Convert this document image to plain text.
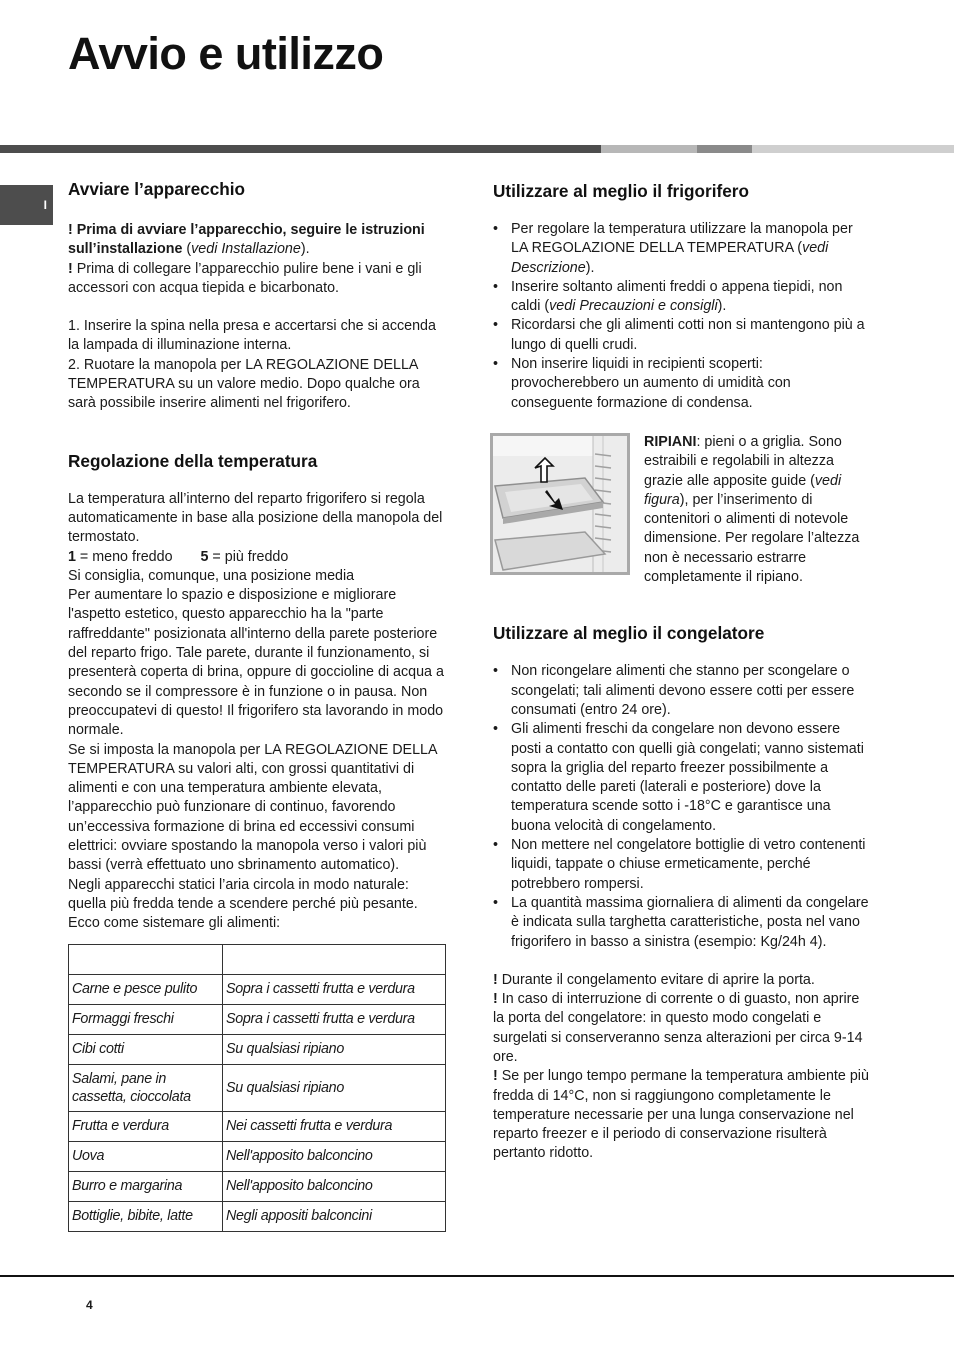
Avvio e utilizzo
I
Avviare l’apparecchio

! Prima di avviare l’apparecchio, seguire le istruzioni sull’installazione (vedi Installazione).

! Prima di collegare l’apparecchio pulire bene i vani e gli accessori con acqua tiepida e bicarbonato.

1. Inserire la spina nella presa e accertarsi che si accenda la lampada di illuminazione interna.

2. Ruotare la manopola per LA REGOLAZIONE DELLA TEMPERATURA su un valore medio. Dopo qualche ora sarà possibile inserire alimenti nel frigorifero.

Regolazione della temperatura

La temperatura all’interno del reparto frigorifero si regola automaticamente in base alla posizione della manopola del termostato.

1 = meno freddo 5 = più freddo

Si consiglia, comunque, una posizione media

Per aumentare lo spazio e disposizione e migliorare l'aspetto estetico, questo apparecchio ha la "parte raffreddante" posizionata all'interno della parete posteriore del reparto frigo. Tale parete, durante il funzionamento, si presenterà coperta di brina, oppure di goccioline di acqua a secondo se il compressore è in funzione o in pausa. Non preoccupatevi di questo! Il frigorifero sta lavorando in modo normale.

Se si imposta la manopola per LA REGOLAZIONE DELLA TEMPERATURA su valori alti, con grossi quantitativi di alimenti e con una temperatura ambiente elevata, l’apparecchio può funzionare di continuo, favorendo un’eccessiva formazione di brina ed eccessivi consumi elettrici: ovviare spostando la manopola verso i valori più bassi (verrà effettuato uno sbrinamento automatico).

Negli apparecchi statici l’aria circola in modo naturale: quella più fredda tende a scendere perché più pesante. Ecco come sistemare gli alimenti:

Carne e pesce pulito	Sopra i cassetti frutta e verdura
Formaggi freschi	Sopra i cassetti frutta e verdura
Cibi cotti	Su qualsiasi ripiano
Salami, pane in cassetta, cioccolata	Su qualsiasi ripiano
Frutta e verdura	Nei cassetti frutta e verdura
Uova	Nell'apposito balconcino
Burro e margarina	Nell'apposito balconcino
Bottiglie, bibite, latte	Negli appositi balconcini
Utilizzare al meglio il frigorifero
• Per regolare la temperatura utilizzare la manopola per LA REGOLAZIONE DELLA TEMPERATURA (vedi Descrizione).
• Inserire soltanto alimenti freddi o appena tiepidi, non caldi (vedi Precauzioni e consigli).
• Ricordarsi che gli alimenti cotti non si mantengono più a lungo di quelli crudi.
• Non inserire liquidi in recipienti scoperti: provocherebbero un aumento di umidità con conseguente formazione di condensa.

RIPIANI: pieni o a griglia. Sono estraibili e regolabili in altezza grazie alle apposite guide (vedi figura), per l’inserimento di contenitori o alimenti di notevole dimensione. Per regolare l’altezza non è necessario estrarre completamente il ripiano.

Utilizzare al meglio il congelatore
• Non ricongelare alimenti che stanno per scongelare o scongelati; tali alimenti devono essere cotti per essere consumati (entro 24 ore).
• Gli alimenti freschi da congelare non devono essere posti a contatto con quelli già congelati; vanno sistemati sopra la griglia del reparto freezer possibilmente a contatto delle pareti (laterali e posteriore) dove la temperatura scende sotto i -18°C e garantisce una buona velocità di congelamento.
• Non mettere nel congelatore bottiglie di vetro contenenti liquidi, tappate o chiuse ermeticamente, perché potrebbero rompersi.
• La quantità massima giornaliera di alimenti da congelare è indicata sulla targhetta caratteristiche, posta nel vano frigorifero in basso a sinistra (esempio: Kg/24h 4).

! Durante il congelamento evitare di aprire la porta.

! In caso di interruzione di corrente o di guasto, non aprire la porta del congelatore: in questo modo congelati e surgelati si conserveranno senza alterazioni per circa 9-14 ore.

! Se per lungo tempo permane la temperatura ambiente più fredda di 14°C, non si raggiungono completamente le temperature necessarie per una lunga conservazione nel reparto freezer e il periodo di conservazione risulterà pertanto ridotto.

4
